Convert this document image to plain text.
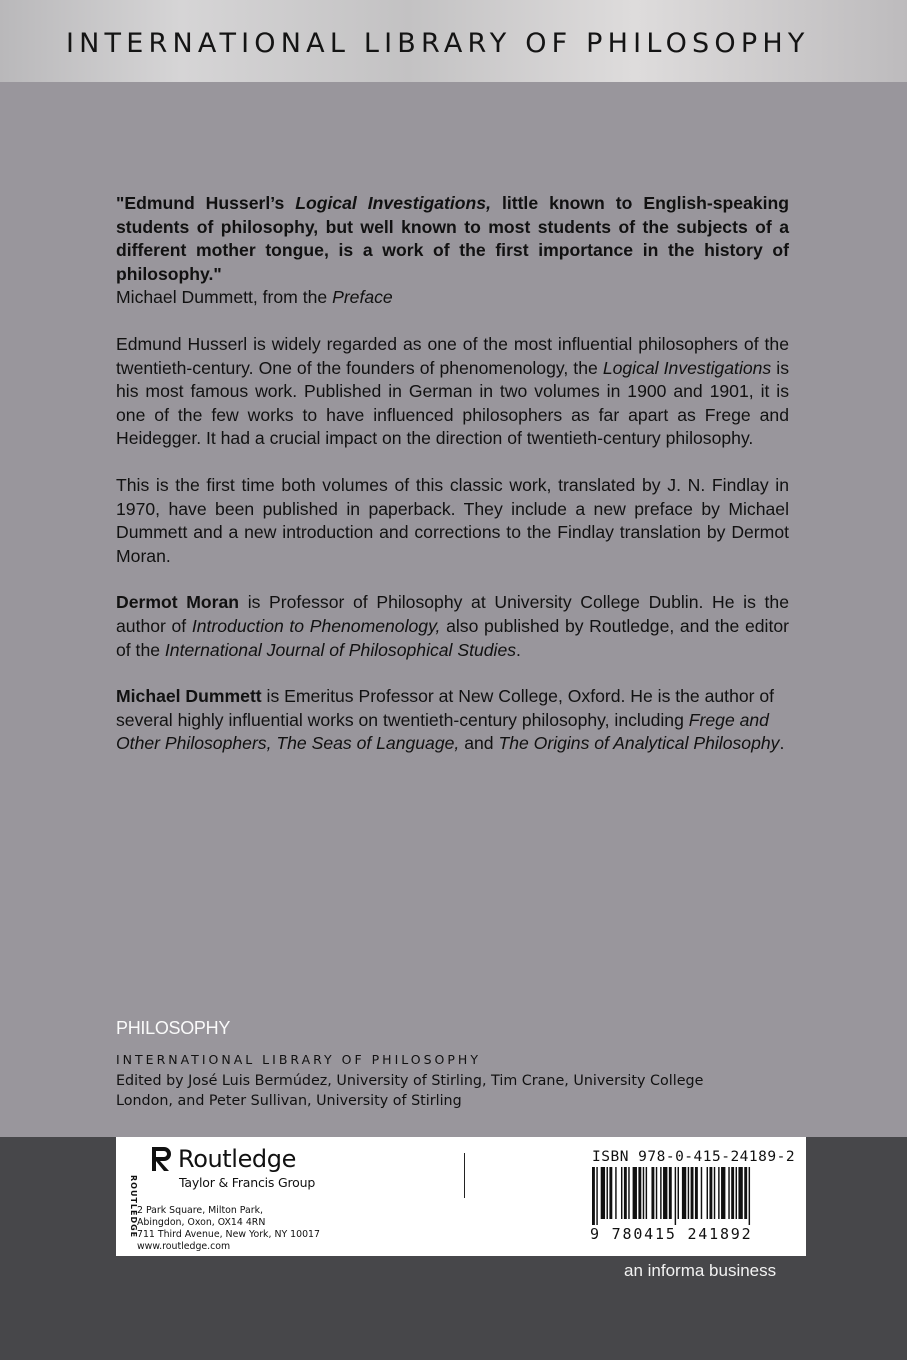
INTERNATIONAL LIBRARY OF PHILOSOPHY
"Edmund Husserl’s Logical Investigations, little known to English-speaking students of philosophy, but well known to most students of the subjects of a different mother tongue, is a work of the first importance in the history of philosophy."
Michael Dummett, from the Preface

Edmund Husserl is widely regarded as one of the most influential philosophers of the twentieth-century. One of the founders of phenomenology, the Logical Investigations is his most famous work. Published in German in two volumes in 1900 and 1901, it is one of the few works to have influenced philosophers as far apart as Frege and Heidegger. It had a crucial impact on the direction of twentieth-century philosophy.

This is the first time both volumes of this classic work, translated by J. N. Findlay in 1970, have been published in paperback. They include a new preface by Michael Dummett and a new introduction and corrections to the Findlay translation by Dermot Moran.

Dermot Moran is Professor of Philosophy at University College Dublin. He is the author of Introduction to Phenomenology, also published by Routledge, and the editor of the International Journal of Philosophical Studies.

Michael Dummett is Emeritus Professor at New College, Oxford. He is the author of several highly influential works on twentieth-century philosophy, including Frege and Other Philosophers, The Seas of Language, and The Origins of Analytical Philosophy.

PHILOSOPHY
INTERNATIONAL LIBRARY OF PHILOSOPHY
Edited by José Luis Bermúdez, University of Stirling, Tim Crane, University College London, and Peter Sullivan, University of Stirling
ROUTLEDGE
Routledge
Taylor & Francis Group
2 Park Square, Milton Park,
Abingdon, Oxon, OX14 4RN
711 Third Avenue, New York, NY 10017
www.routledge.com
ISBN 978-0-415-24189-2
9 780415 241892
an informa business
